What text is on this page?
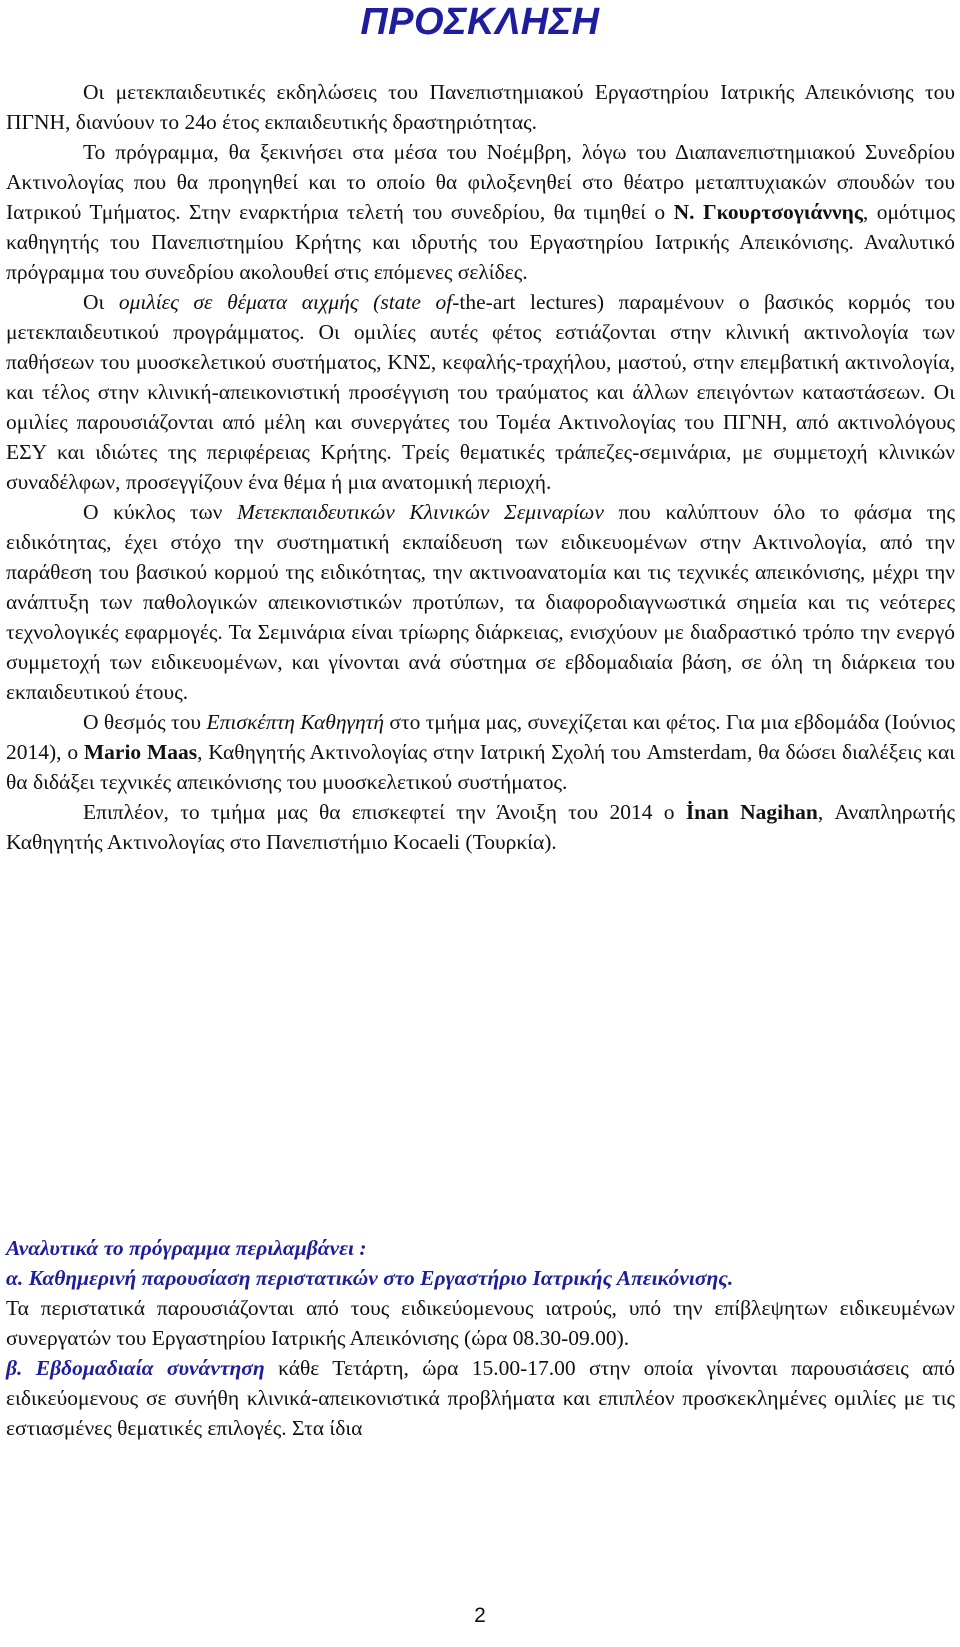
ΠΡΟΣΚΛΗΣΗ

Οι μετεκπαιδευτικές εκδηλώσεις του Πανεπιστημιακού Εργαστηρίου Ιατρικής Απεικόνισης του ΠΓΝΗ, διανύουν το 24ο έτος εκπαιδευτικής δραστηριότητας.

Το πρόγραμμα, θα ξεκινήσει στα μέσα του Νοέμβρη, λόγω του Διαπανεπιστημιακού Συνεδρίου Ακτινολογίας που θα προηγηθεί και το οποίο θα φιλοξενηθεί στο θέατρο μεταπτυχιακών σπουδών του Ιατρικού Τμήματος. Στην εναρκτήρια τελετή του συνεδρίου, θα τιμηθεί ο Ν. Γκουρτσογιάννης, ομότιμος καθηγητής του Πανεπιστημίου Κρήτης και ιδρυτής του Εργαστηρίου Ιατρικής Απεικόνισης. Αναλυτικό πρόγραμμα του συνεδρίου ακολουθεί στις επόμενες σελίδες.

Οι ομιλίες σε θέματα αιχμής (state of-the-art lectures) παραμένουν ο βασικός κορμός του μετεκπαιδευτικού προγράμματος. Οι ομιλίες αυτές φέτος εστιάζονται στην κλινική ακτινολογία των παθήσεων του μυοσκελετικού συστήματος, ΚΝΣ, κεφαλής-τραχήλου, μαστού, στην επεμβατική ακτινολογία, και τέλος στην κλινική-απεικονιστική προσέγγιση του τραύματος και άλλων επειγόντων καταστάσεων. Οι ομιλίες παρουσιάζονται από μέλη και συνεργάτες του Τομέα Ακτινολογίας του ΠΓΝΗ, από ακτινολόγους ΕΣΥ και ιδιώτες της περιφέρειας Κρήτης. Τρείς θεματικές τράπεζες-σεμινάρια, με συμμετοχή κλινικών συναδέλφων, προσεγγίζουν ένα θέμα ή μια ανατομική περιοχή.

Ο κύκλος των Μετεκπαιδευτικών Κλινικών Σεμιναρίων που καλύπτουν όλο το φάσμα της ειδικότητας, έχει στόχο την συστηματική εκπαίδευση των ειδικευομένων στην Ακτινολογία, από την παράθεση του βασικού κορμού της ειδικότητας, την ακτινοανατομία και τις τεχνικές απεικόνισης, μέχρι την ανάπτυξη των παθολογικών απεικονιστικών προτύπων, τα διαφοροδιαγνωστικά σημεία και τις νεότερες τεχνολογικές εφαρμογές. Τα Σεμινάρια είναι τρίωρης διάρκειας, ενισχύουν με διαδραστικό τρόπο την ενεργό συμμετοχή των ειδικευομένων, και γίνονται ανά σύστημα σε εβδομαδιαία βάση, σε όλη τη διάρκεια του εκπαιδευτικού έτους.

Ο θεσμός του Επισκέπτη Καθηγητή στο τμήμα μας, συνεχίζεται και φέτος. Για μια εβδομάδα (Ιούνιος 2014), ο Mario Maas, Καθηγητής Ακτινολογίας στην Ιατρική Σχολή του Amsterdam, θα δώσει διαλέξεις και θα διδάξει τεχνικές απεικόνισης του μυοσκελετικού συστήματος.

Επιπλέον, το τμήμα μας θα επισκεφτεί την Άνοιξη του 2014 ο İnan Nagihan, Αναπληρωτής Καθηγητής Ακτινολογίας στο Πανεπιστήμιο Kocaeli (Τουρκία).

Αναλυτικά το πρόγραμμα περιλαμβάνει :

α. Καθημερινή παρουσίαση περιστατικών στο Εργαστήριο Ιατρικής Απεικόνισης.

Τα περιστατικά παρουσιάζονται από τους ειδικεύομενους ιατρούς, υπό την επίβλεψητων ειδικευμένων συνεργατών του Εργαστηρίου Ιατρικής Απεικόνισης (ώρα 08.30-09.00).

β. Εβδομαδιαία συνάντηση κάθε Τετάρτη, ώρα 15.00-17.00 στην οποία γίνονται παρουσιάσεις από ειδικεύομενους σε συνήθη κλινικά-απεικονιστικά προβλήματα και επιπλέον προσκεκλημένες ομιλίες με τις εστιασμένες θεματικές επιλογές. Στα ίδια

2
